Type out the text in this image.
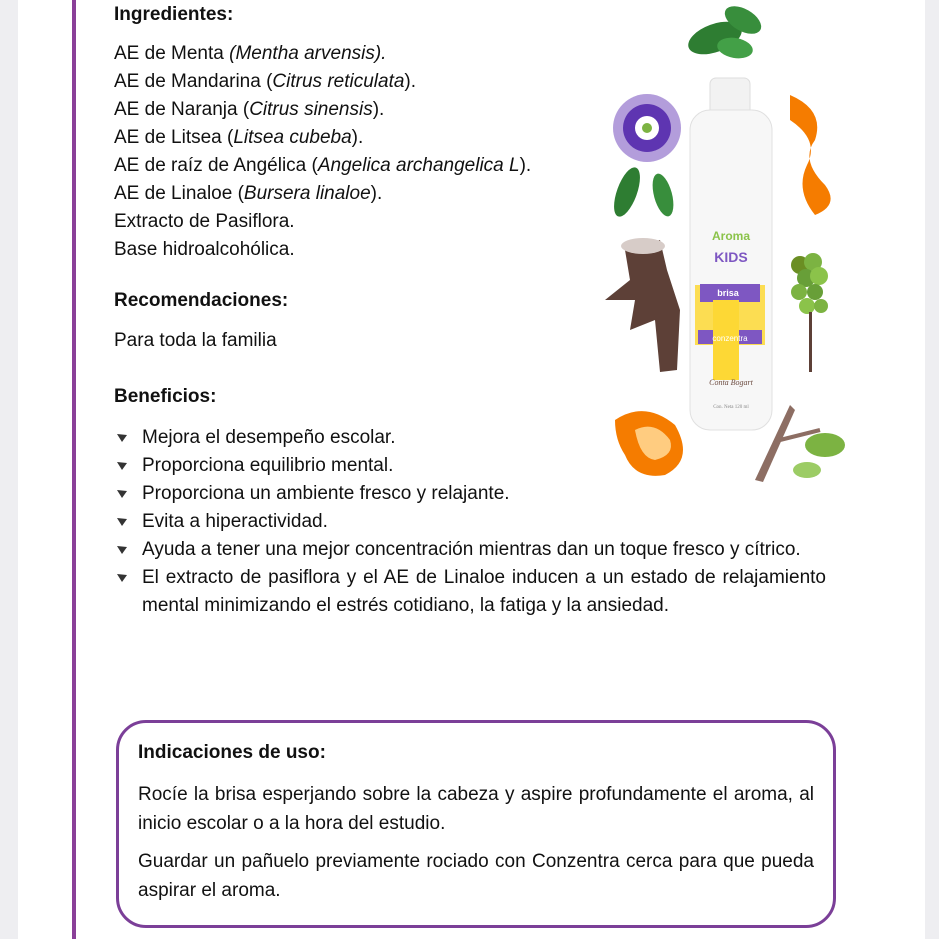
Ingredientes:
AE de Menta (Mentha arvensis).
AE de Mandarina (Citrus reticulata).
AE de Naranja (Citrus sinensis).
AE de Litsea (Litsea cubeba).
AE de raíz de Angélica (Angelica archangelica L).
AE de Linaloe (Bursera linaloe).
Extracto de Pasiflora.
Base hidroalcohólica.
Recomendaciones:
Para toda la familia
Beneficios:
Mejora el desempeño escolar.
Proporciona equilibrio mental.
Proporciona un ambiente fresco y relajante.
Evita a hiperactividad.
Ayuda a tener una mejor concentración mientras dan un toque fresco y cítrico.
El extracto de pasiflora y el AE de Linaloe inducen a un estado de relajamiento mental minimizando el estrés cotidiano, la fatiga y la ansiedad.
Indicaciones de uso:

Rocíe la brisa esperjando sobre la cabeza y aspire profundamente el aroma, al inicio escolar o a la hora del estudio.

Guardar un pañuelo previamente rociado con Conzentra cerca para que pueda aspirar el aroma.

Aroma
KIDS
brisa
conzentra
Conta Bogart
Con. Neta 120 ml
